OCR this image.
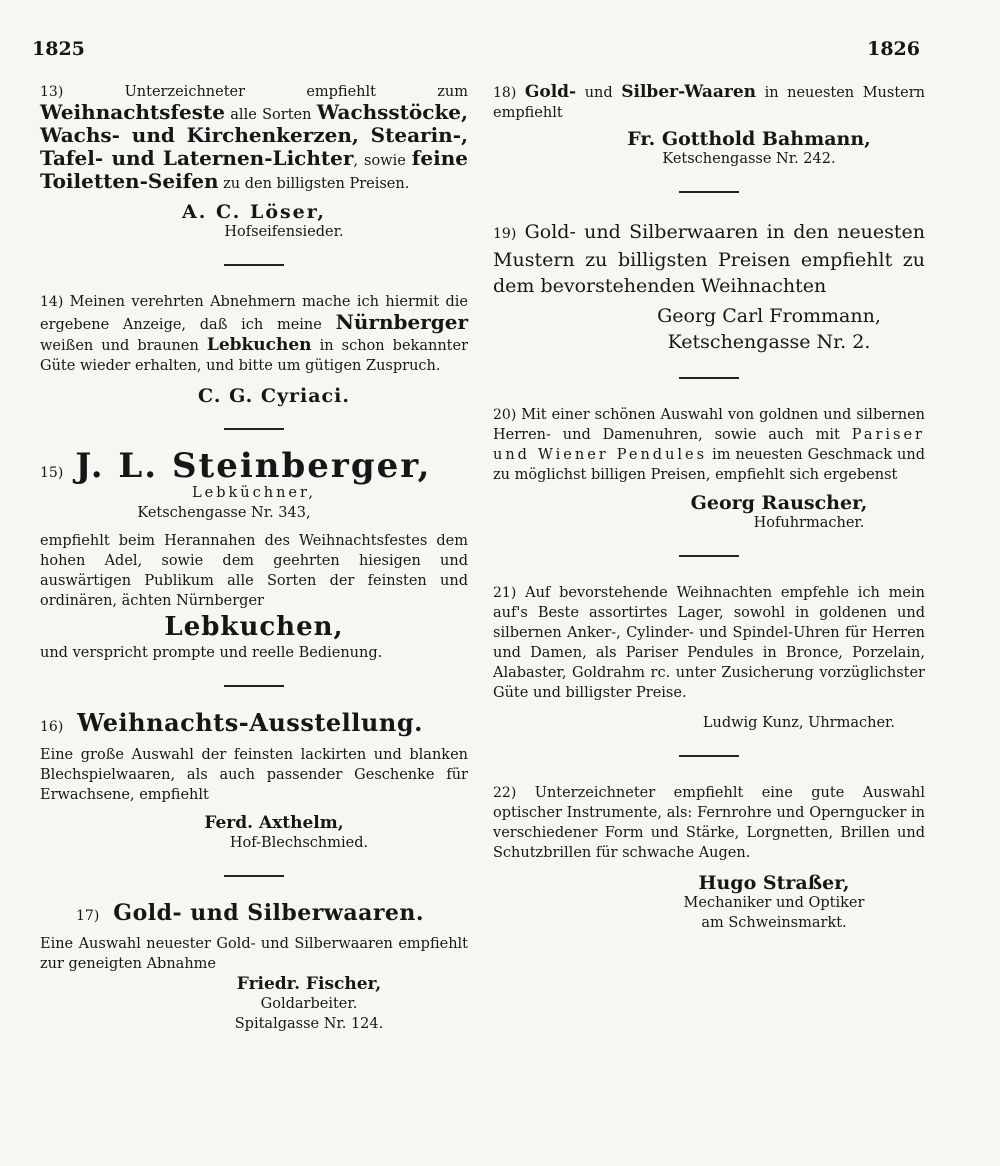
1825	1826

13)	Unterzeichneter empfiehlt zum Weihnachtsfeste alle Sorten Wachsstöcke, Wachs- und Kirchenkerzen, Stearin-, Tafel- und Laternen-Lichter, sowie feine Toiletten-Seifen zu den billigsten Preisen.

A. C. Löser,
Hofseifensieder.

14) Meinen verehrten Abnehmern mache ich hiermit die ergebene Anzeige, daß ich meine Nürnberger weißen und braunen Lebkuchen in schon bekannter Güte wieder erhalten, und bitte um gütigen Zuspruch.

C. G. Cyriaci.
15) J. L. Steinberger,
Lebküchner,
Ketschengasse Nr. 343,

empfiehlt beim Herannahen des Weihnachtsfestes dem hohen Adel, sowie dem geehrten hiesigen und auswärtigen Publikum alle Sorten der feinsten und ordinären, ächten Nürnberger

Lebkuchen,

und verspricht prompte und reelle Bedienung.

16) Weihnachts-Ausstellung.

Eine große Auswahl der feinsten lackirten und blanken Blechspielwaaren, als auch passender Geschenke für Erwachsene, empfiehlt

Ferd. Axthelm,
Hof-Blechschmied.
17) Gold- und Silberwaaren.

Eine Auswahl neuester Gold- und Silberwaaren empfiehlt zur geneigten Abnahme

Friedr. Fischer,
Goldarbeiter.
Spitalgasse Nr. 124.

18) Gold- und Silber-Waaren in neuesten Mustern empfiehlt

Fr. Gotthold Bahmann,
Ketschengasse Nr. 242.

19) Gold- und Silberwaaren in den neuesten Mustern zu billigsten Preisen empfiehlt zu dem bevorstehenden Weihnachten

Georg Carl Frommann,
Ketschengasse Nr. 2.

20) Mit einer schönen Auswahl von goldnen und silbernen Herren- und Damenuhren, sowie auch mit Pariser und Wiener Pendules im neuesten Geschmack und zu möglichst billigen Preisen, empfiehlt sich ergebenst

Georg Rauscher,
Hofuhrmacher.

21) Auf bevorstehende Weihnachten empfehle ich mein auf's Beste assortirtes Lager, sowohl in goldenen und silbernen Anker-, Cylinder- und Spindel-Uhren für Herren und Damen, als Pariser Pendules in Bronce, Porzelain, Alabaster, Goldrahm rc. unter Zusicherung vorzüglichster Güte und billigster Preise.

Ludwig Kunz, Uhrmacher.

22) Unterzeichneter empfiehlt eine gute Auswahl optischer Instrumente, als: Fernrohre und Operngucker in verschiedener Form und Stärke, Lorgnetten, Brillen und Schutzbrillen für schwache Augen.

Hugo Straßer,
Mechaniker und Optiker
am Schweinsmarkt.
